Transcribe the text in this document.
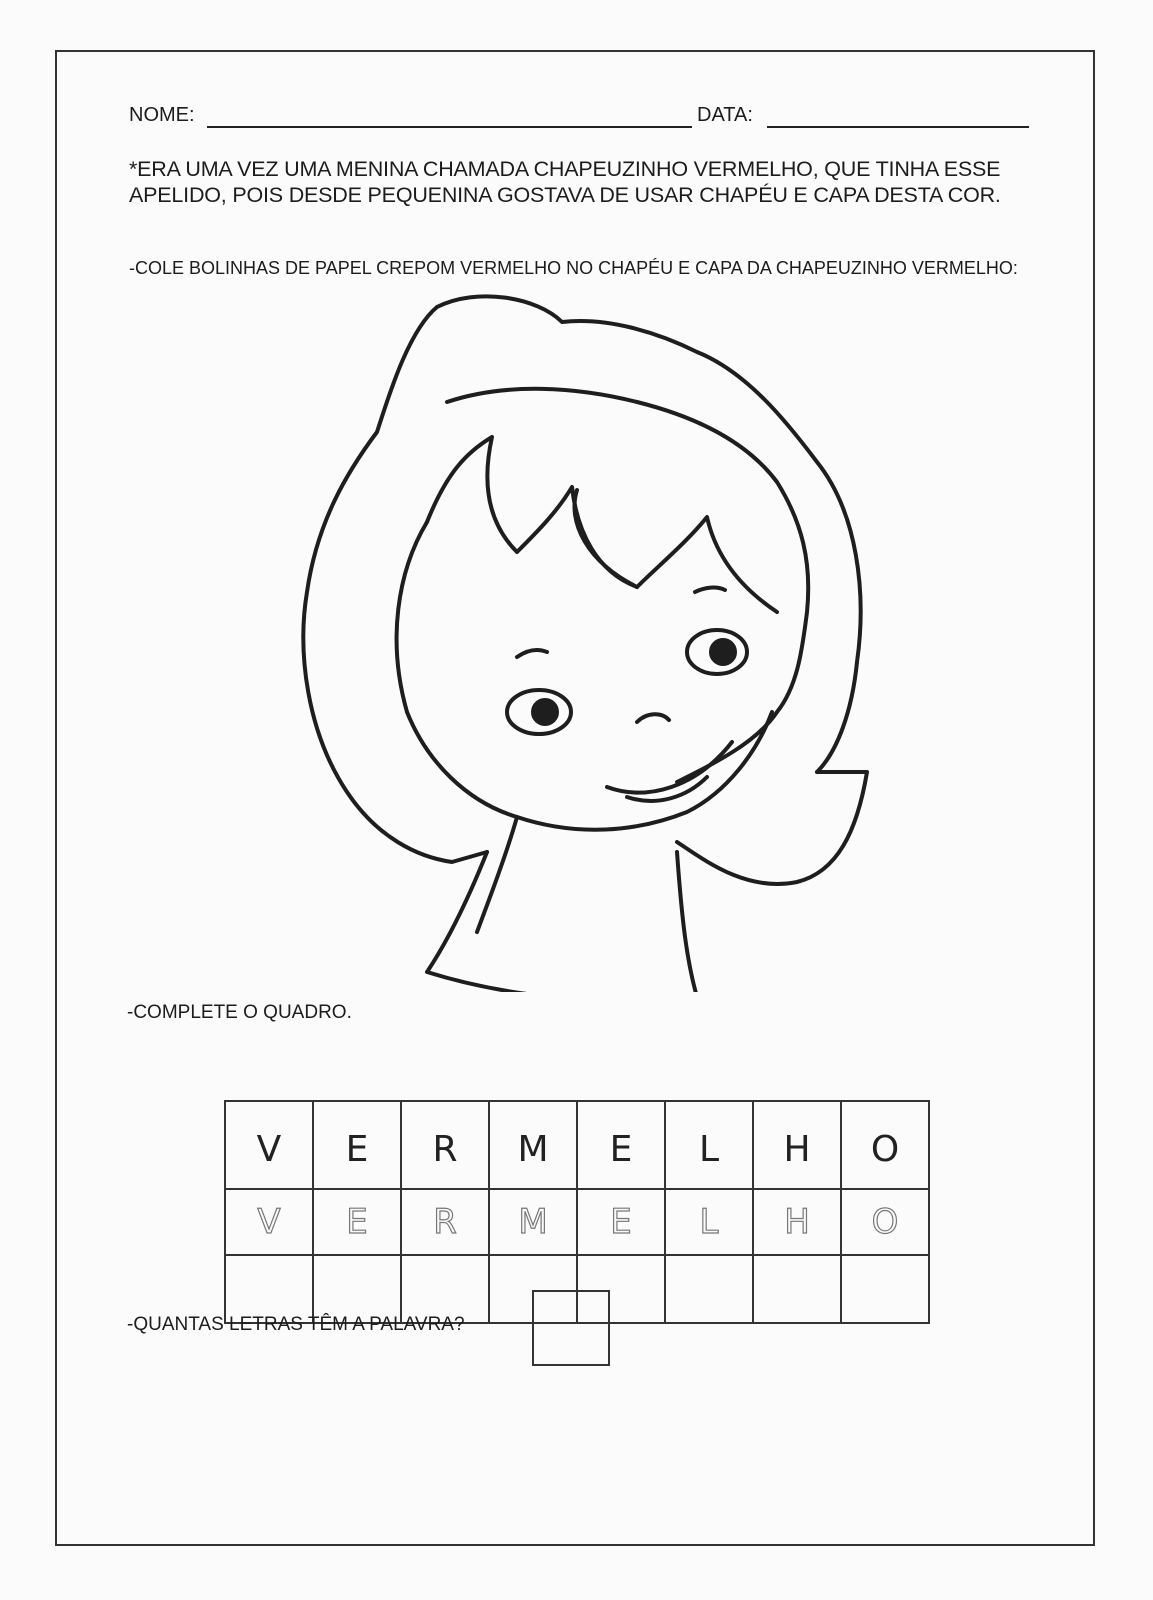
NOME:	DATA:
*ERA UMA VEZ UMA MENINA CHAMADA CHAPEUZINHO VERMELHO, QUE TINHA ESSE APELIDO, POIS DESDE PEQUENINA GOSTAVA DE USAR CHAPÉU E CAPA DESTA COR.
-COLE BOLINHAS DE PAPEL CREPOM VERMELHO NO CHAPÉU E CAPA DA CHAPEUZINHO VERMELHO:
-COMPLETE O QUADRO.
V	E	R	M	E	L	H	O
V	E	R	M	E	L	H	O

-QUANTAS LETRAS TÊM A PALAVRA?
